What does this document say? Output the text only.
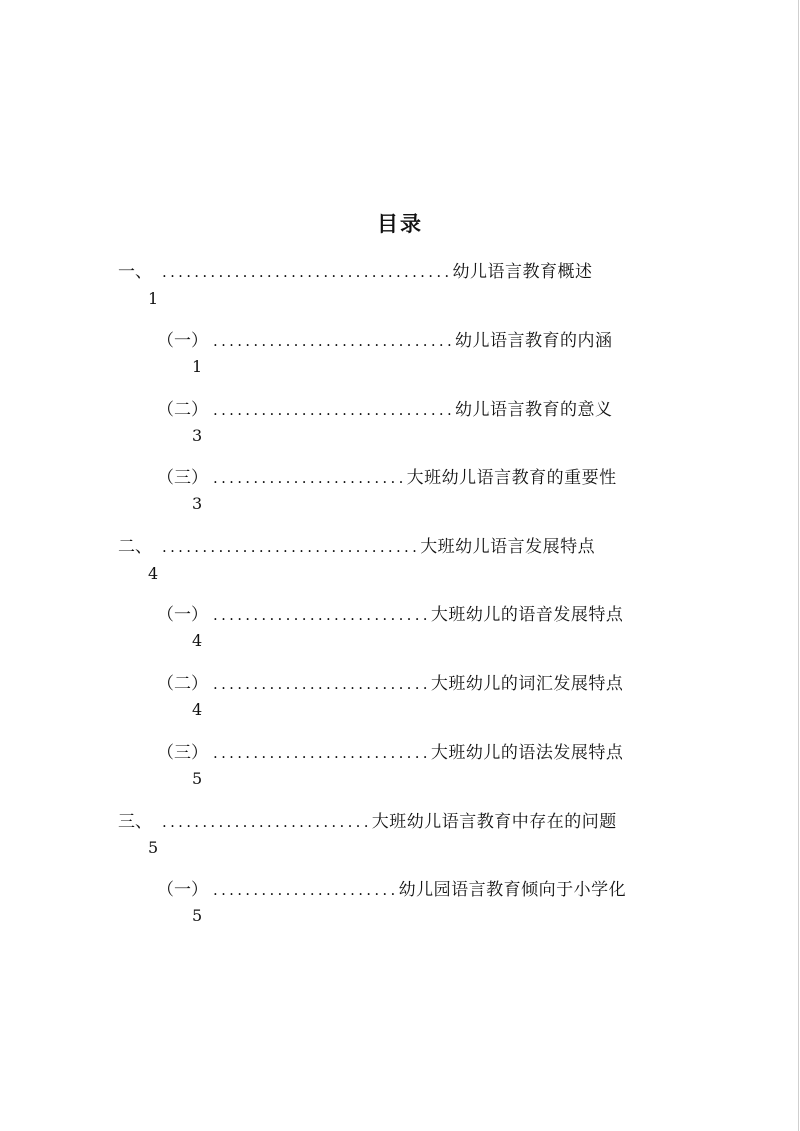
目录
一、 ....................................幼儿语言教育概述
1
（一） ..............................幼儿语言教育的内涵
1
（二） ..............................幼儿语言教育的意义
3
（三） ........................大班幼儿语言教育的重要性
3
二、 ................................大班幼儿语言发展特点
4
（一） ...........................大班幼儿的语音发展特点
4
（二） ...........................大班幼儿的词汇发展特点
4
（三） ...........................大班幼儿的语法发展特点
5
三、 ..........................大班幼儿语言教育中存在的问题
5
（一） .......................幼儿园语言教育倾向于小学化
5
